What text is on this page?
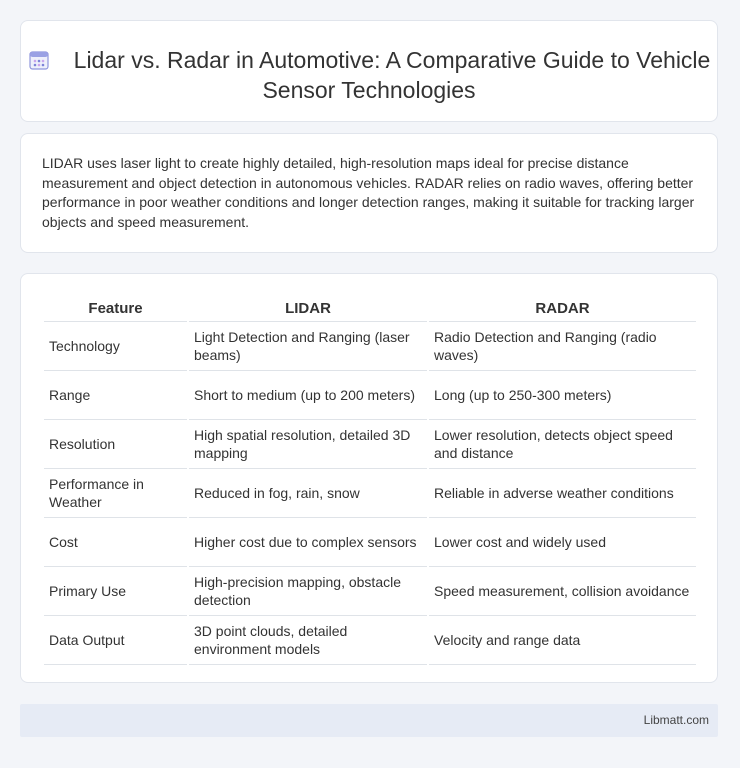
Lidar vs. Radar in Automotive: A Comparative Guide to Vehicle Sensor Technologies
LIDAR uses laser light to create highly detailed, high-resolution maps ideal for precise distance measurement and object detection in autonomous vehicles. RADAR relies on radio waves, offering better performance in poor weather conditions and longer detection ranges, making it suitable for tracking larger objects and speed measurement.
Feature	LIDAR	RADAR
Technology	Light Detection and Ranging (laser beams)	Radio Detection and Ranging (radio waves)
Range	Short to medium (up to 200 meters)	Long (up to 250-300 meters)
Resolution	High spatial resolution, detailed 3D mapping	Lower resolution, detects object speed and distance
Performance in Weather	Reduced in fog, rain, snow	Reliable in adverse weather conditions
Cost	Higher cost due to complex sensors	Lower cost and widely used
Primary Use	High-precision mapping, obstacle detection	Speed measurement, collision avoidance
Data Output	3D point clouds, detailed environment models	Velocity and range data
Libmatt.com
